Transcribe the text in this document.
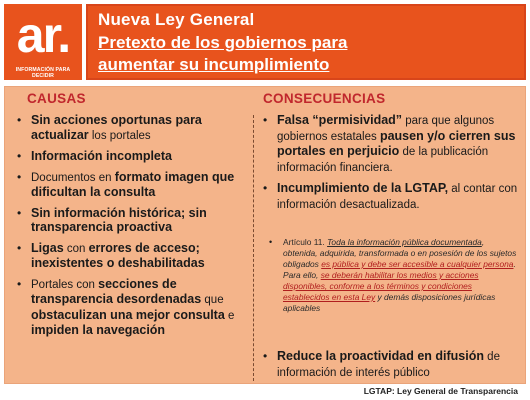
ar.
INFORMACIÓN PARA DECIDIR
Nueva Ley General
Pretexto de los gobiernos para
aumentar su incumplimiento
CAUSAS	CONSECUENCIAS
• Sin acciones oportunas para actualizar los portales
• Información incompleta
• Documentos en formato imagen que dificultan la consulta
• Sin información histórica; sin transparencia proactiva
• Ligas con errores de acceso; inexistentes o deshabilitadas
• Portales con secciones de transparencia desordenadas que obstaculizan una mejor consulta e impiden la navegación
• Falsa “permisividad” para que algunos gobiernos estatales pausen y/o cierren sus portales en perjuicio de la publicación información financiera.
• Incumplimiento de la LGTAP, al contar con información desactualizada.
• Artículo 11. Toda la información pública documentada, obtenida, adquirida, transformada o en posesión de los sujetos obligados es pública y debe ser accesible a cualquier persona. Para ello, se deberán habilitar los medios y acciones disponibles, conforme a los términos y condiciones establecidos en esta Ley y demás disposiciones jurídicas aplicables
• Reduce la proactividad en difusión de información de interés público
LGTAP: Ley General de Transparencia
